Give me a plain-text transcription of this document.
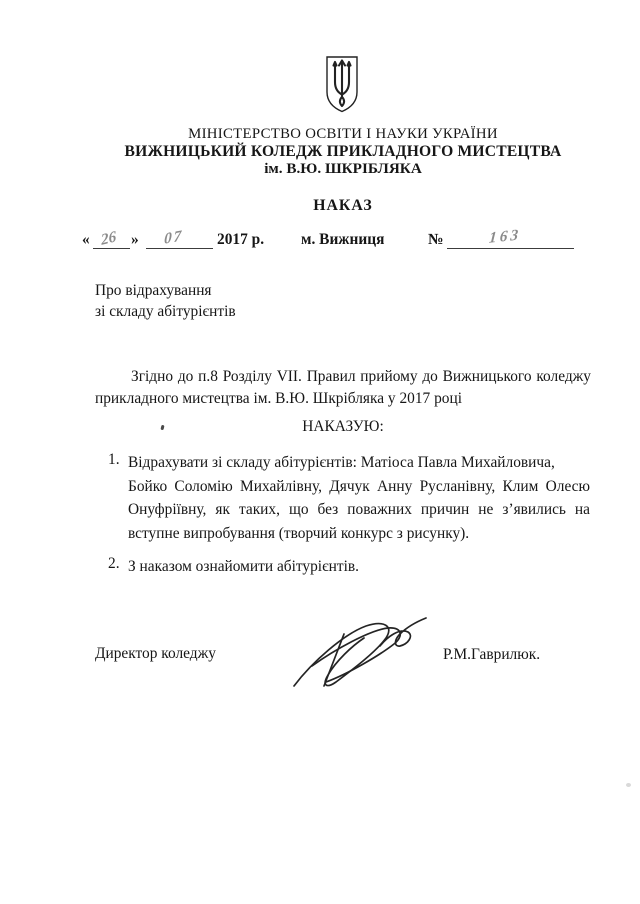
МІНІСТЕРСТВО ОСВІТИ І НАУКИ УКРАЇНИ
ВИЖНИЦЬКИЙ КОЛЕДЖ ПРИКЛАДНОГО МИСТЕЦТВА
ім. В.Ю. ШКРІБЛЯКА
НАКАЗ
« 26 » 07 2017 р. м. Вижниця	№	163
Про відрахування
зі складу абітурієнтів
Згідно до п.8 Розділу VII. Правил прийому до Вижницького коледжу
прикладного мистецтва ім. В.Ю. Шкрібляка у 2017 році
НАКАЗУЮ:
1. Відрахувати зі складу абітурієнтів: Матіоса Павла Михайловича,
Бойко Соломію Михайлівну, Дячук Анну Русланівну, Клим Олесю
Онуфріївну, як таких, що без поважних причин не з’явились на
вступне випробування (творчий конкурс з рисунку).
2. З наказом ознайомити абітурієнтів.
Директор коледжу	Р.М.Гаврилюк.
